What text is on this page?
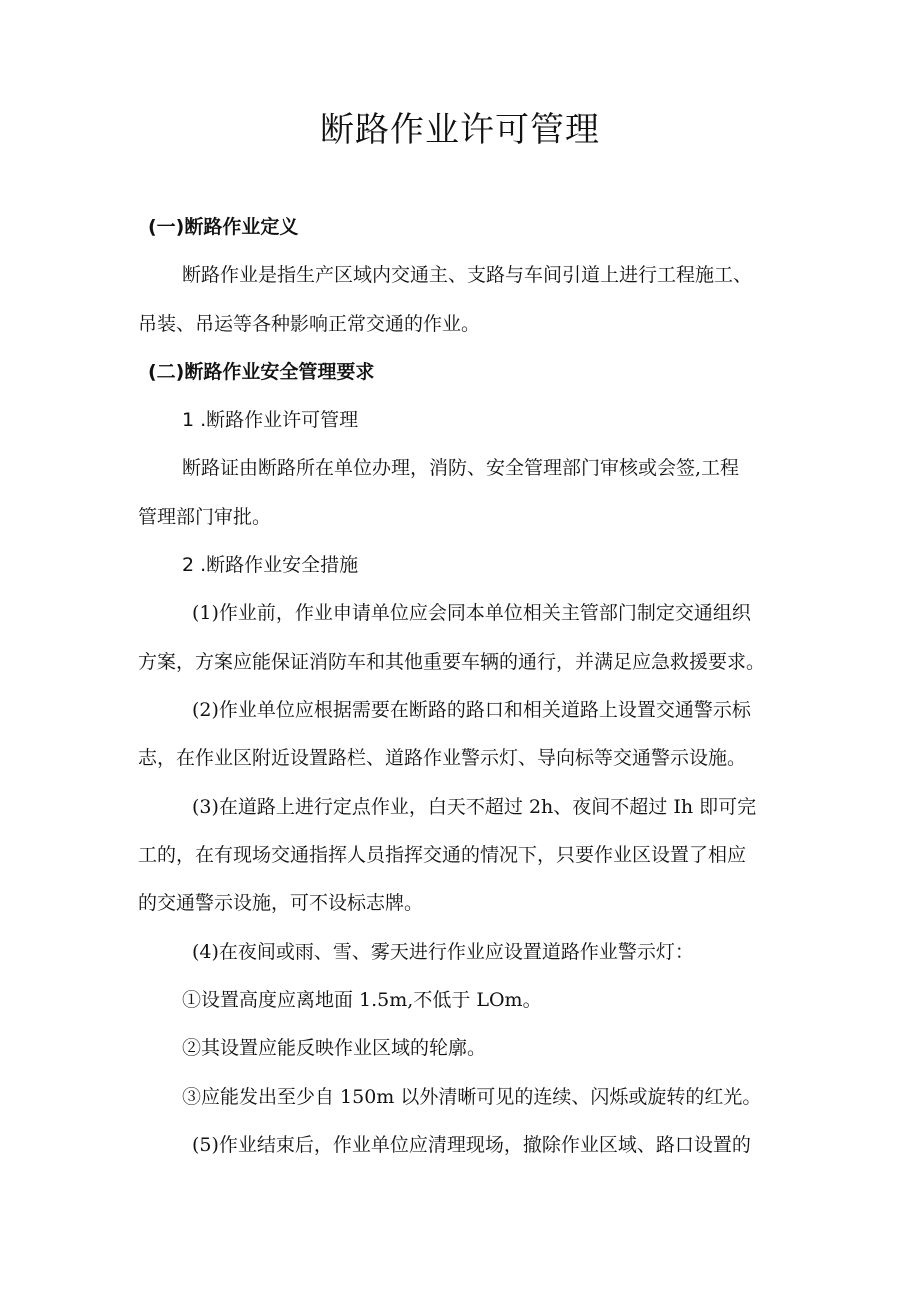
断路作业许可管理

(一)断路作业定义

断路作业是指生产区域内交通主、支路与车间引道上进行工程施工、

吊装、吊运等各种影响正常交通的作业。

(二)断路作业安全管理要求

1 .断路作业许可管理

断路证由断路所在单位办理，消防、安全管理部门审核或会签,工程

管理部门审批。

2 .断路作业安全措施

(1)作业前，作业申请单位应会同本单位相关主管部门制定交通组织

方案，方案应能保证消防车和其他重要车辆的通行，并满足应急救援要求。

(2)作业单位应根据需要在断路的路口和相关道路上设置交通警示标

志，在作业区附近设置路栏、道路作业警示灯、导向标等交通警示设施。

(3)在道路上进行定点作业，白天不超过 2h、夜间不超过 Ih 即可完

工的，在有现场交通指挥人员指挥交通的情况下，只要作业区设置了相应

的交通警示设施，可不设标志牌。

(4)在夜间或雨、雪、雾天进行作业应设置道路作业警示灯：

①设置高度应离地面 1.5m,不低于 LOm。

②其设置应能反映作业区域的轮廓。

③应能发出至少自 150m 以外清晰可见的连续、闪烁或旋转的红光。

(5)作业结束后，作业单位应清理现场，撤除作业区域、路口设置的
